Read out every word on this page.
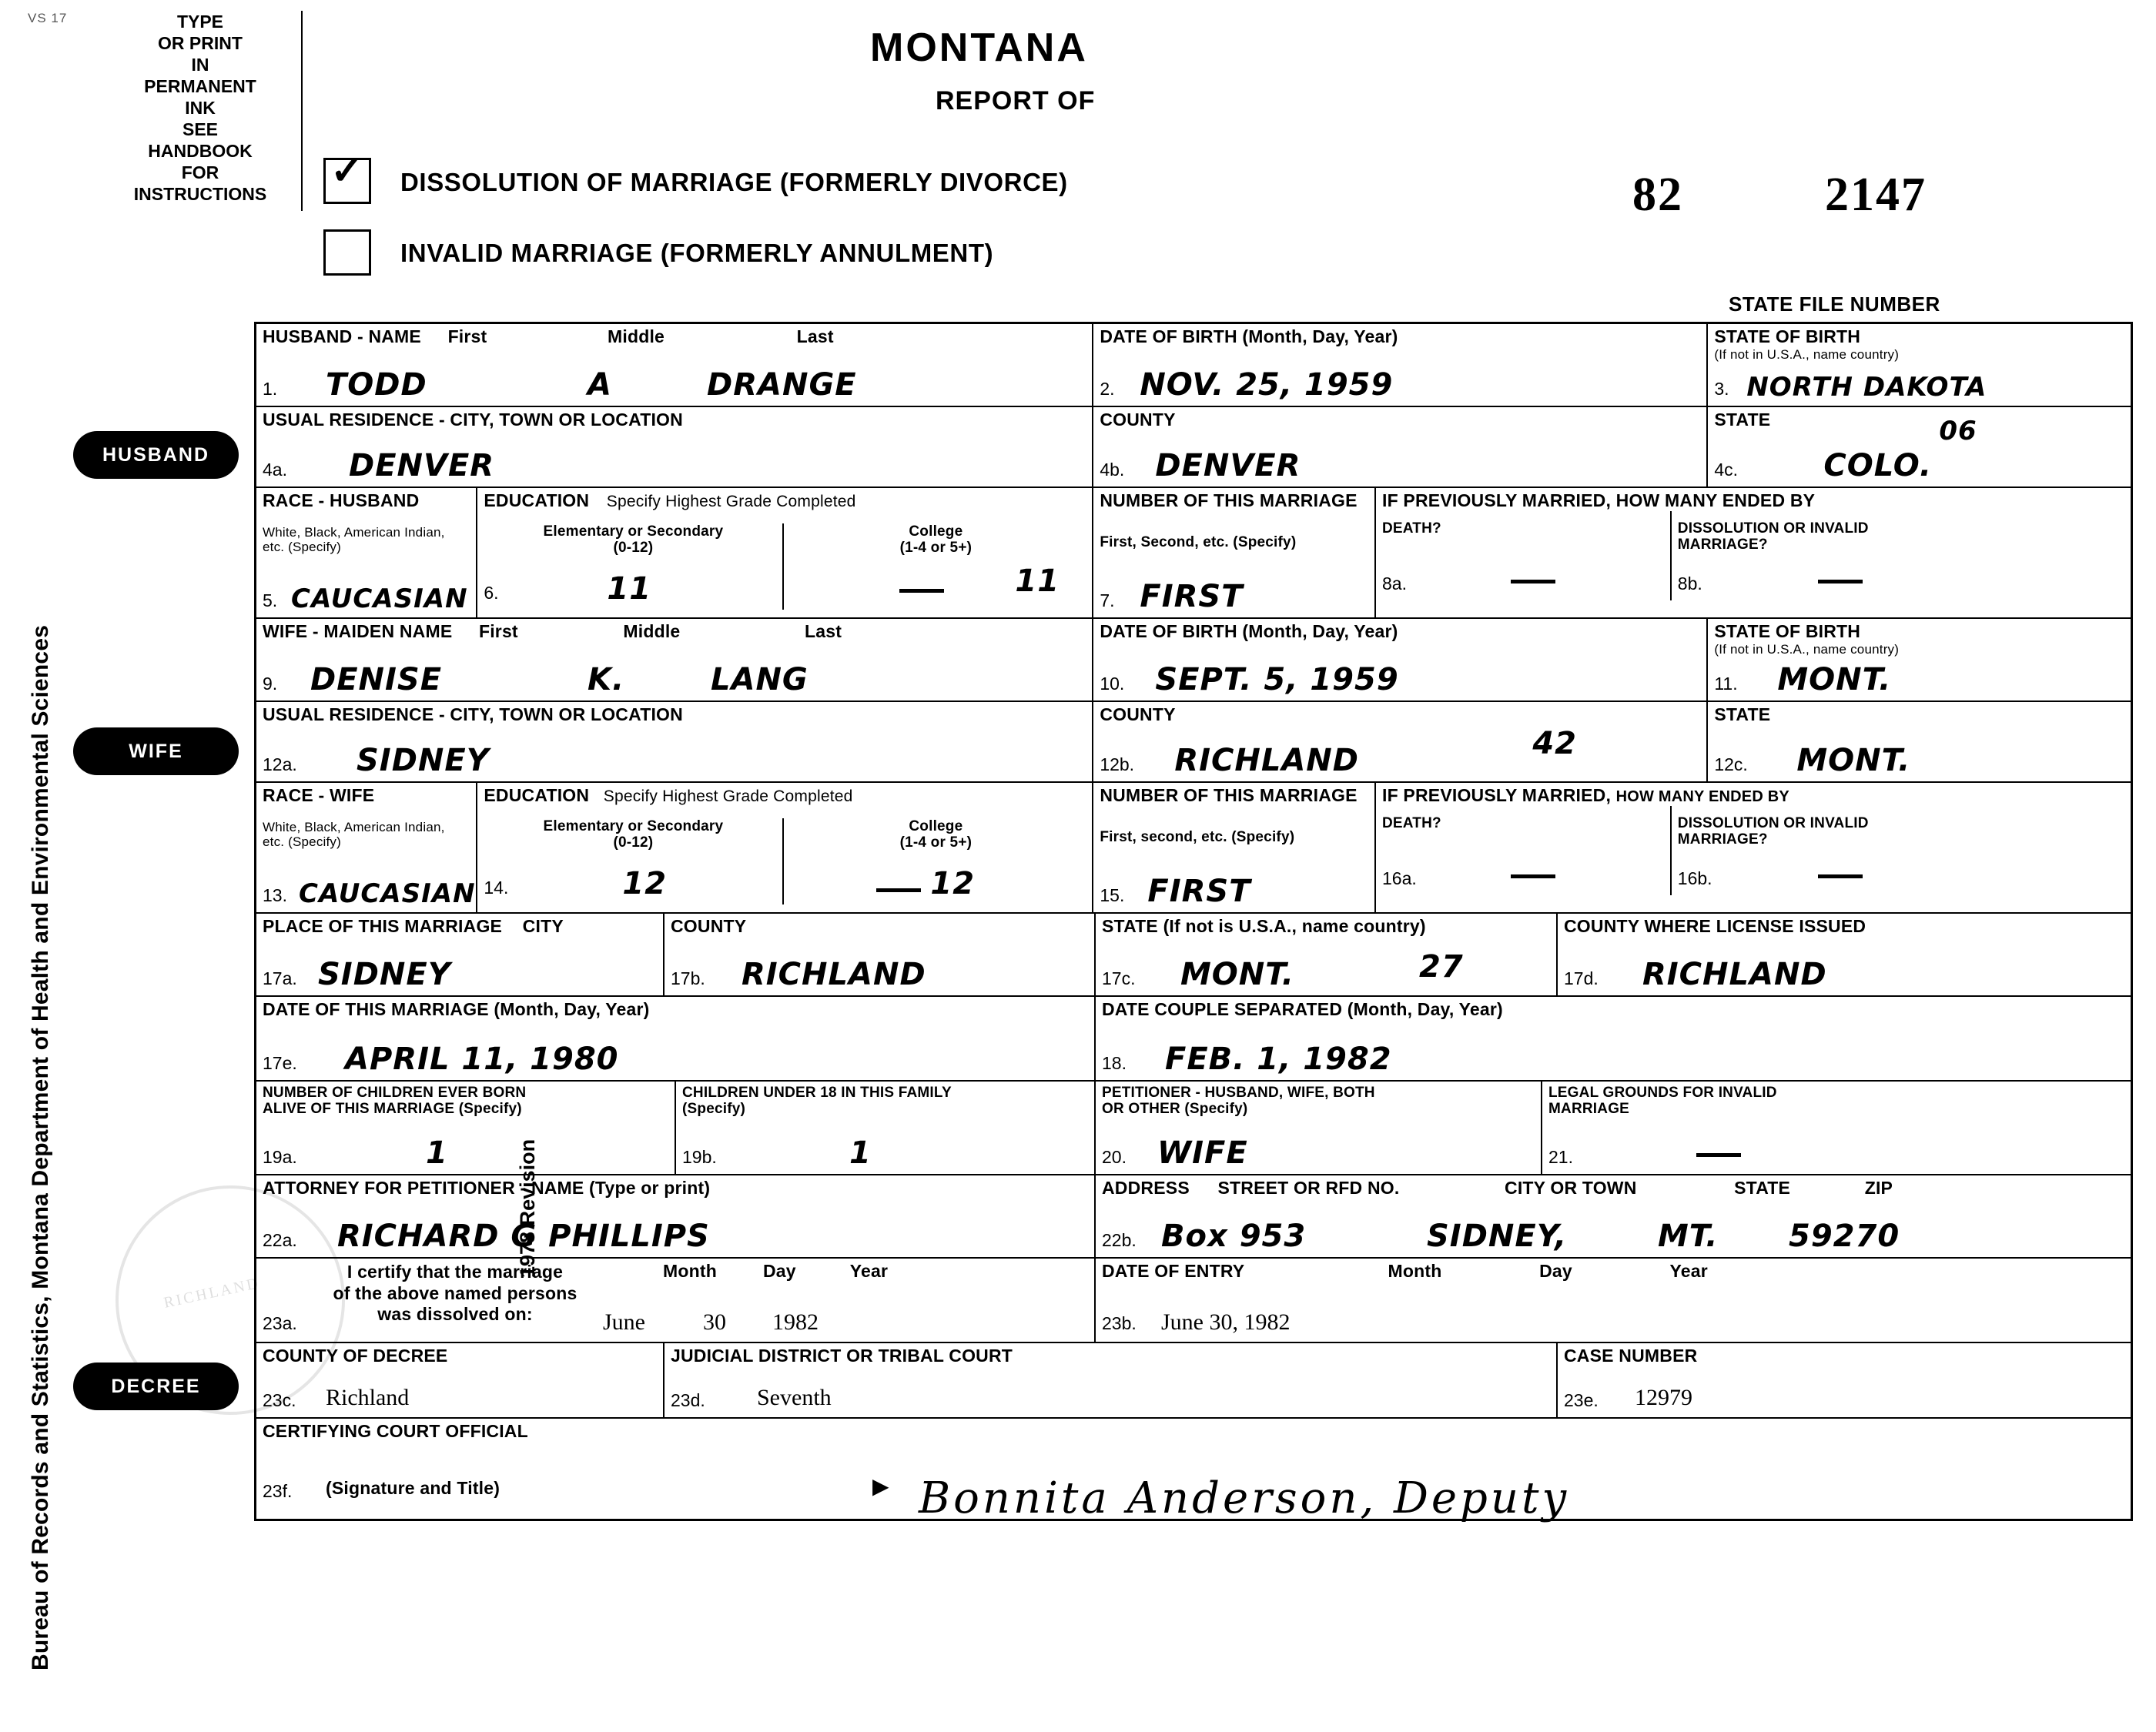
VS 17	TYPE
OR PRINT
IN
PERMANENT
INK
SEE
HANDBOOK
FOR
INSTRUCTIONS
Bureau of Records and Statistics, Montana Department of Health and Environmental Sciences	1978 Revision
MONTANA
REPORT OF
✓ DISSOLUTION OF MARRIAGE (FORMERLY DIVORCE)
INVALID MARRIAGE (FORMERLY ANNULMENT)
82	2147
STATE FILE NUMBER
HUSBAND
WIFE
DECREE
RICHLAND
HUSBAND - NAME First	Middle	Last
1. TODD	A	DRANGE
DATE OF BIRTH (Month, Day, Year)
2. NOV. 25, 1959
STATE OF BIRTH
(If not in U.S.A., name country)
3. NORTH DAKOTA
USUAL RESIDENCE - CITY, TOWN OR LOCATION
4a. DENVER
COUNTY
4b. DENVER
STATE
4c.	COLO.
06
RACE - HUSBAND
White, Black, American Indian,
etc. (Specify)
5. CAUCASIAN
EDUCATION Specify Highest Grade Completed
Elementary or Secondary
(0-12)
6.	11
College
(1-4 or 5+)
11
NUMBER OF THIS MARRIAGE
First, Second, etc. (Specify)
7. FIRST
IF PREVIOUSLY MARRIED, HOW MANY ENDED BY
DEATH?
8a.
DISSOLUTION OR INVALID
MARRIAGE?
8b.
WIFE - MAIDEN NAME First	Middle	Last
9. DENISE	K.	LANG
DATE OF BIRTH (Month, Day, Year)
10. SEPT. 5, 1959
STATE OF BIRTH
(If not in U.S.A., name country)
11. MONT.
USUAL RESIDENCE - CITY, TOWN OR LOCATION
12a. SIDNEY
COUNTY
12b. RICHLAND	42
STATE
12c. MONT.
RACE - WIFE
White, Black, American Indian,
etc. (Specify)
13. CAUCASIAN
EDUCATION Specify Highest Grade Completed
Elementary or Secondary
(0-12)
14.	12
College
(1-4 or 5+)
12
NUMBER OF THIS MARRIAGE
First, second, etc. (Specify)
15. FIRST
IF PREVIOUSLY MARRIED, HOW MANY ENDED BY
DEATH?
16a.
DISSOLUTION OR INVALID
MARRIAGE?
16b.
PLACE OF THIS MARRIAGE CITY
17a. SIDNEY
COUNTY
17b. RICHLAND
STATE (If not is U.S.A., name country)
17c. MONT.	27
COUNTY WHERE LICENSE ISSUED
17d. RICHLAND
DATE OF THIS MARRIAGE (Month, Day, Year)
17e. APRIL 11, 1980
DATE COUPLE SEPARATED (Month, Day, Year)
18. FEB. 1, 1982
NUMBER OF CHILDREN EVER BORN
ALIVE OF THIS MARRIAGE (Specify)
19a.	1
CHILDREN UNDER 18 IN THIS FAMILY
(Specify)
19b.	1
PETITIONER - HUSBAND, WIFE, BOTH
OR OTHER (Specify)
20. WIFE
LEGAL GROUNDS FOR INVALID
MARRIAGE
21.
ATTORNEY FOR PETITIONER - NAME (Type or print)
22a. RICHARD G PHILLIPS
ADDRESS STREET OR RFD NO.	CITY OR TOWN	STATE	ZIP
22b. Box 953	SIDNEY,	MT. 59270
I certify that the marriage
of the above named persons
was dissolved on:
Month	Day	Year
23a.	June	30 1982
DATE OF ENTRY	Month	Day	Year
23b. June 30, 1982
COUNTY OF DECREE
23c. Richland
JUDICIAL DISTRICT OR TRIBAL COURT
23d. Seventh
CASE NUMBER
23e. 12979
CERTIFYING COURT OFFICIAL
23f. (Signature and Title)	▶ Bonnita Anderson, Deputy
